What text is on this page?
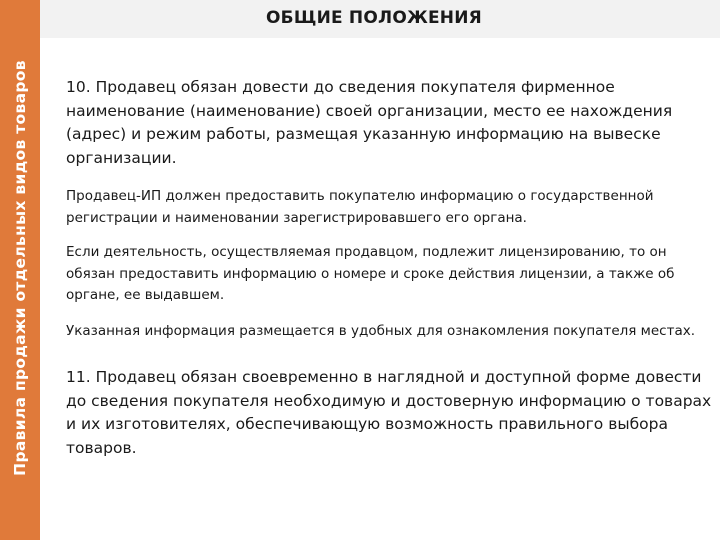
ОБЩИЕ ПОЛОЖЕНИЯ
Правила продажи отдельных видов товаров 10. Продавец обязан довести до сведения покупателя фирменное наименование (наименование) своей организации, место ее нахождения (адрес) и режим работы, размещая указанную информацию на вывеске организации.

Продавец-ИП должен предоставить покупателю информацию о государственной регистрации и наименовании зарегистрировавшего его органа.

Если деятельность, осуществляемая продавцом, подлежит лицензированию, то он обязан предоставить информацию о номере и сроке действия лицензии, а также об органе, ее выдавшем.

Указанная информация размещается в удобных для ознакомления покупателя местах.

11. Продавец обязан своевременно в наглядной и доступной форме довести до сведения покупателя необходимую и достоверную информацию о товарах и их изготовителях, обеспечивающую возможность правильного выбора товаров.
